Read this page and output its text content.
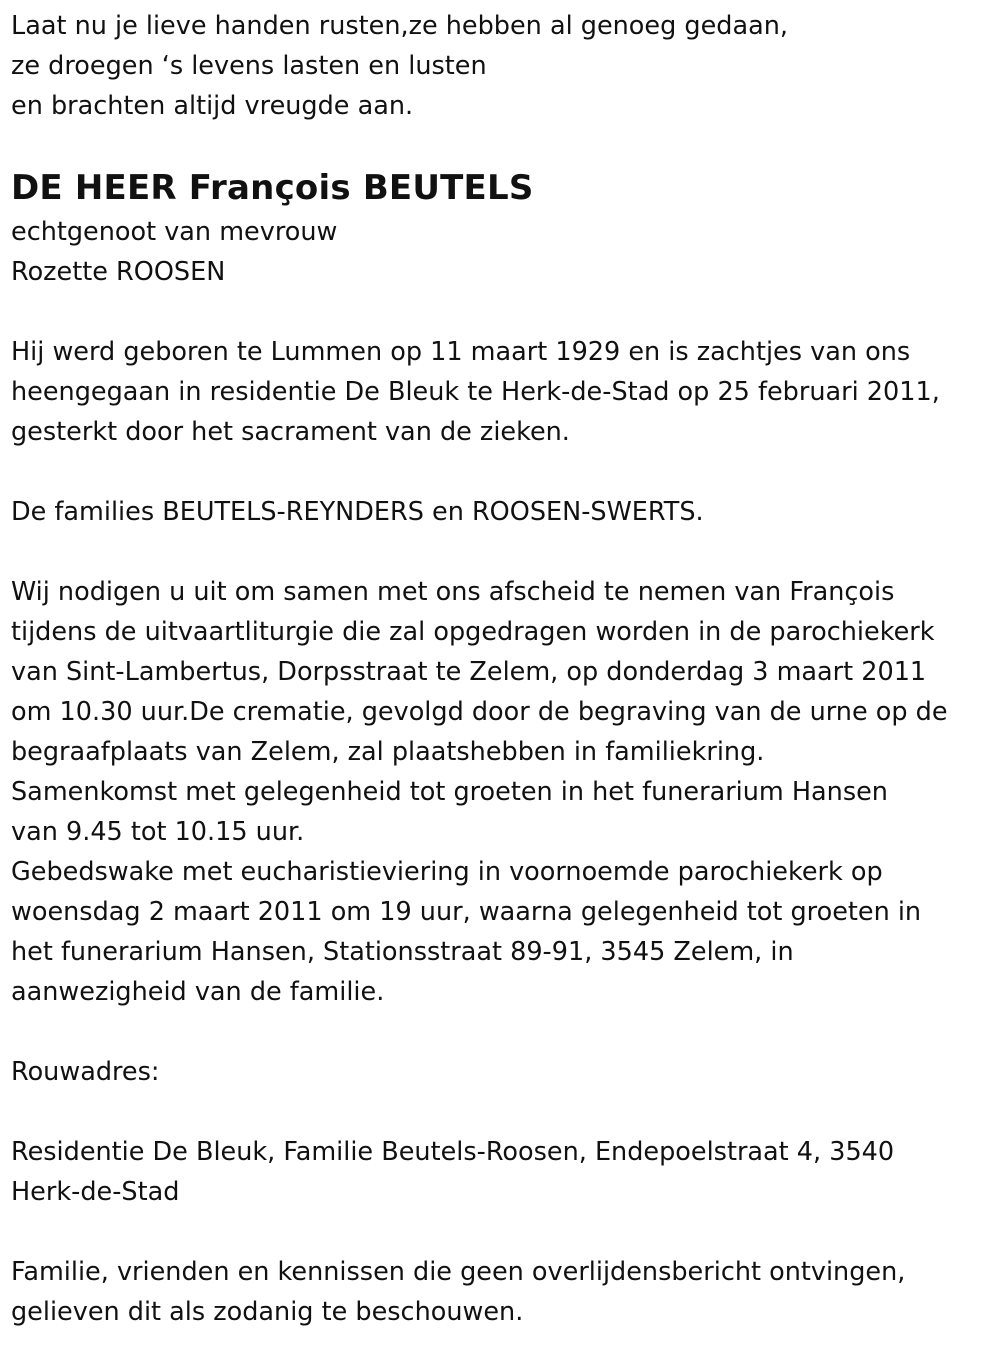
Laat nu je lieve handen rusten,ze hebben al genoeg gedaan,

ze droegen ‘s levens lasten en lusten

en brachten altijd vreugde aan.

DE HEER François BEUTELS

echtgenoot van mevrouw

Rozette ROOSEN

Hij werd geboren te Lummen op 11 maart 1929 en is zachtjes van ons

heengegaan in residentie De Bleuk te Herk-de-Stad op 25 februari 2011,

gesterkt door het sacrament van de zieken.

De families BEUTELS-REYNDERS en ROOSEN-SWERTS.

Wij nodigen u uit om samen met ons afscheid te nemen van François

tijdens de uitvaartliturgie die zal opgedragen worden in de parochiekerk

van Sint-Lambertus, Dorpsstraat te Zelem, op donderdag 3 maart 2011

om 10.30 uur.De crematie, gevolgd door de begraving van de urne op de

begraafplaats van Zelem, zal plaatshebben in familiekring.

Samenkomst met gelegenheid tot groeten in het funerarium Hansen

van 9.45 tot 10.15 uur.

Gebedswake met eucharistieviering in voornoemde parochiekerk op

woensdag 2 maart 2011 om 19 uur, waarna gelegenheid tot groeten in

het funerarium Hansen, Stationsstraat 89-91, 3545 Zelem, in

aanwezigheid van de familie.

Rouwadres:

Residentie De Bleuk, Familie Beutels-Roosen, Endepoelstraat 4, 3540

Herk-de-Stad

Familie, vrienden en kennissen die geen overlijdensbericht ontvingen,

gelieven dit als zodanig te beschouwen.
